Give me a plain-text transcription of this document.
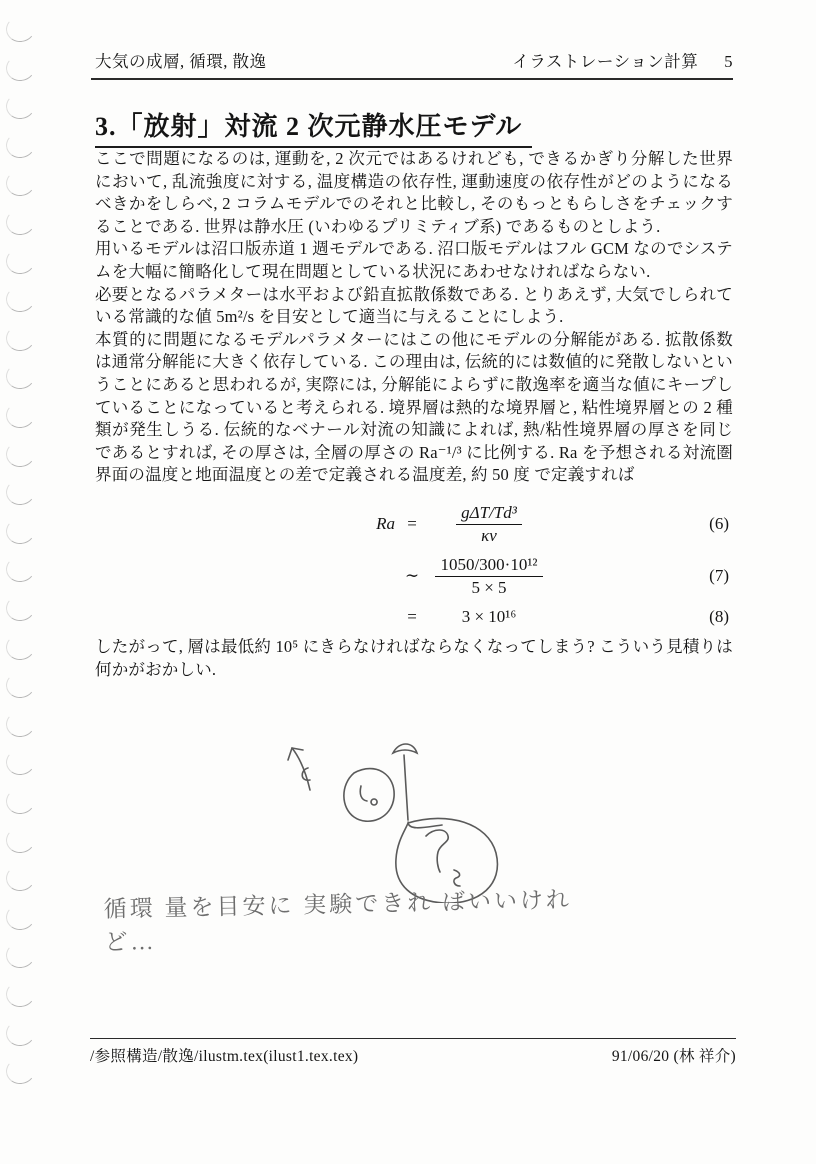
大気の成層, 循環, 散逸	イラストレーション計算 5
3.「放射」対流 2 次元静水圧モデル

ここで問題になるのは, 運動を, 2 次元ではあるけれども, できるかぎり分解した世界において, 乱流強度に対する, 温度構造の依存性, 運動速度の依存性がどのようになるべきかをしらべ, 2 コラムモデルでのそれと比較し, そのもっともらしさをチェックすることである. 世界は静水圧 (いわゆるプリミティブ系) であるものとしよう.

用いるモデルは沼口版赤道 1 週モデルである. 沼口版モデルはフル GCM なのでシステムを大幅に簡略化して現在問題としている状況にあわせなければならない.

必要となるパラメターは水平および鉛直拡散係数である. とりあえず, 大気でしられている常識的な値 5m²/s を目安として適当に与えることにしよう.

本質的に問題になるモデルパラメターにはこの他にモデルの分解能がある. 拡散係数は通常分解能に大きく依存している. この理由は, 伝統的には数値的に発散しないということにあると思われるが, 実際には, 分解能によらずに散逸率を適当な値にキープしていることになっていると考えられる. 境界層は熱的な境界層と, 粘性境界層との 2 種類が発生しうる. 伝統的なベナール対流の知識によれば, 熱/粘性境界層の厚さを同じであるとすれば, その厚さは, 全層の厚さの Ra⁻¹/³ に比例する. Ra を予想される対流圏界面の温度と地面温度との差で定義される温度差, 約 50 度 で定義すれば

Ra =	$\frac{\text{gΔT/Td³}}{\kappa\nu}$	(6)
∼ $\frac{\text{1050/300·10¹²}}{5 \times 5}$	(7)
=	3 × 10¹⁶	(8)

したがって, 層は最低約 10⁵ にきらなければならなくなってしまう? こういう見積りは何かがおかしい.

循環 量を目安に 実験できれ ばいいけれど…
/参照構造/散逸/ilustm.tex(ilust1.tex.tex)	91/06/20 (林 祥介)
